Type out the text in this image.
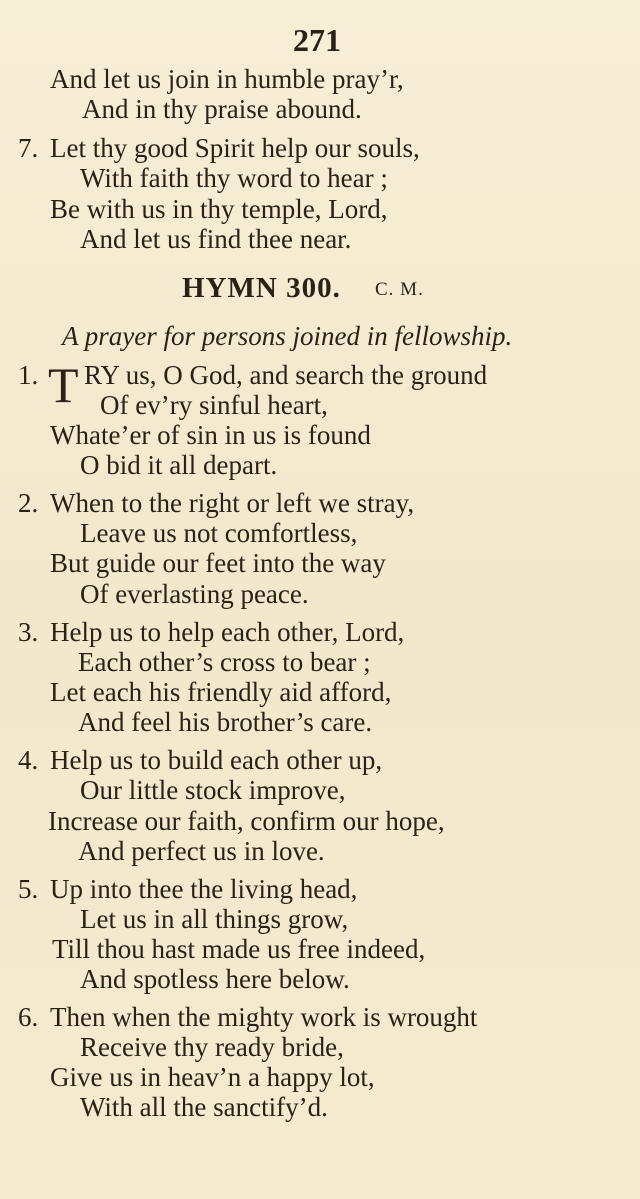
271
And let us join in humble pray’r,
And in thy praise abound.
7. Let thy good Spirit help our souls,
With faith thy word to hear ;
Be with us in thy temple, Lord,
And let us find thee near.
HYMN 300. C. M.
A prayer for persons joined in fellowship.
1. T RY us, O God, and search the ground
Of ev’ry sinful heart,
Whate’er of sin in us is found
O bid it all depart.
2. When to the right or left we stray,
Leave us not comfortless,
But guide our feet into the way
Of everlasting peace.
3. Help us to help each other, Lord,
Each other’s cross to bear ;
Let each his friendly aid afford,
And feel his brother’s care.
4. Help us to build each other up,
Our little stock improve,
Increase our faith, confirm our hope,
And perfect us in love.
5. Up into thee the living head,
Let us in all things grow,
Till thou hast made us free indeed,
And spotless here below.
6. Then when the mighty work is wrought
Receive thy ready bride,
Give us in heav’n a happy lot,
With all the sanctify’d.
